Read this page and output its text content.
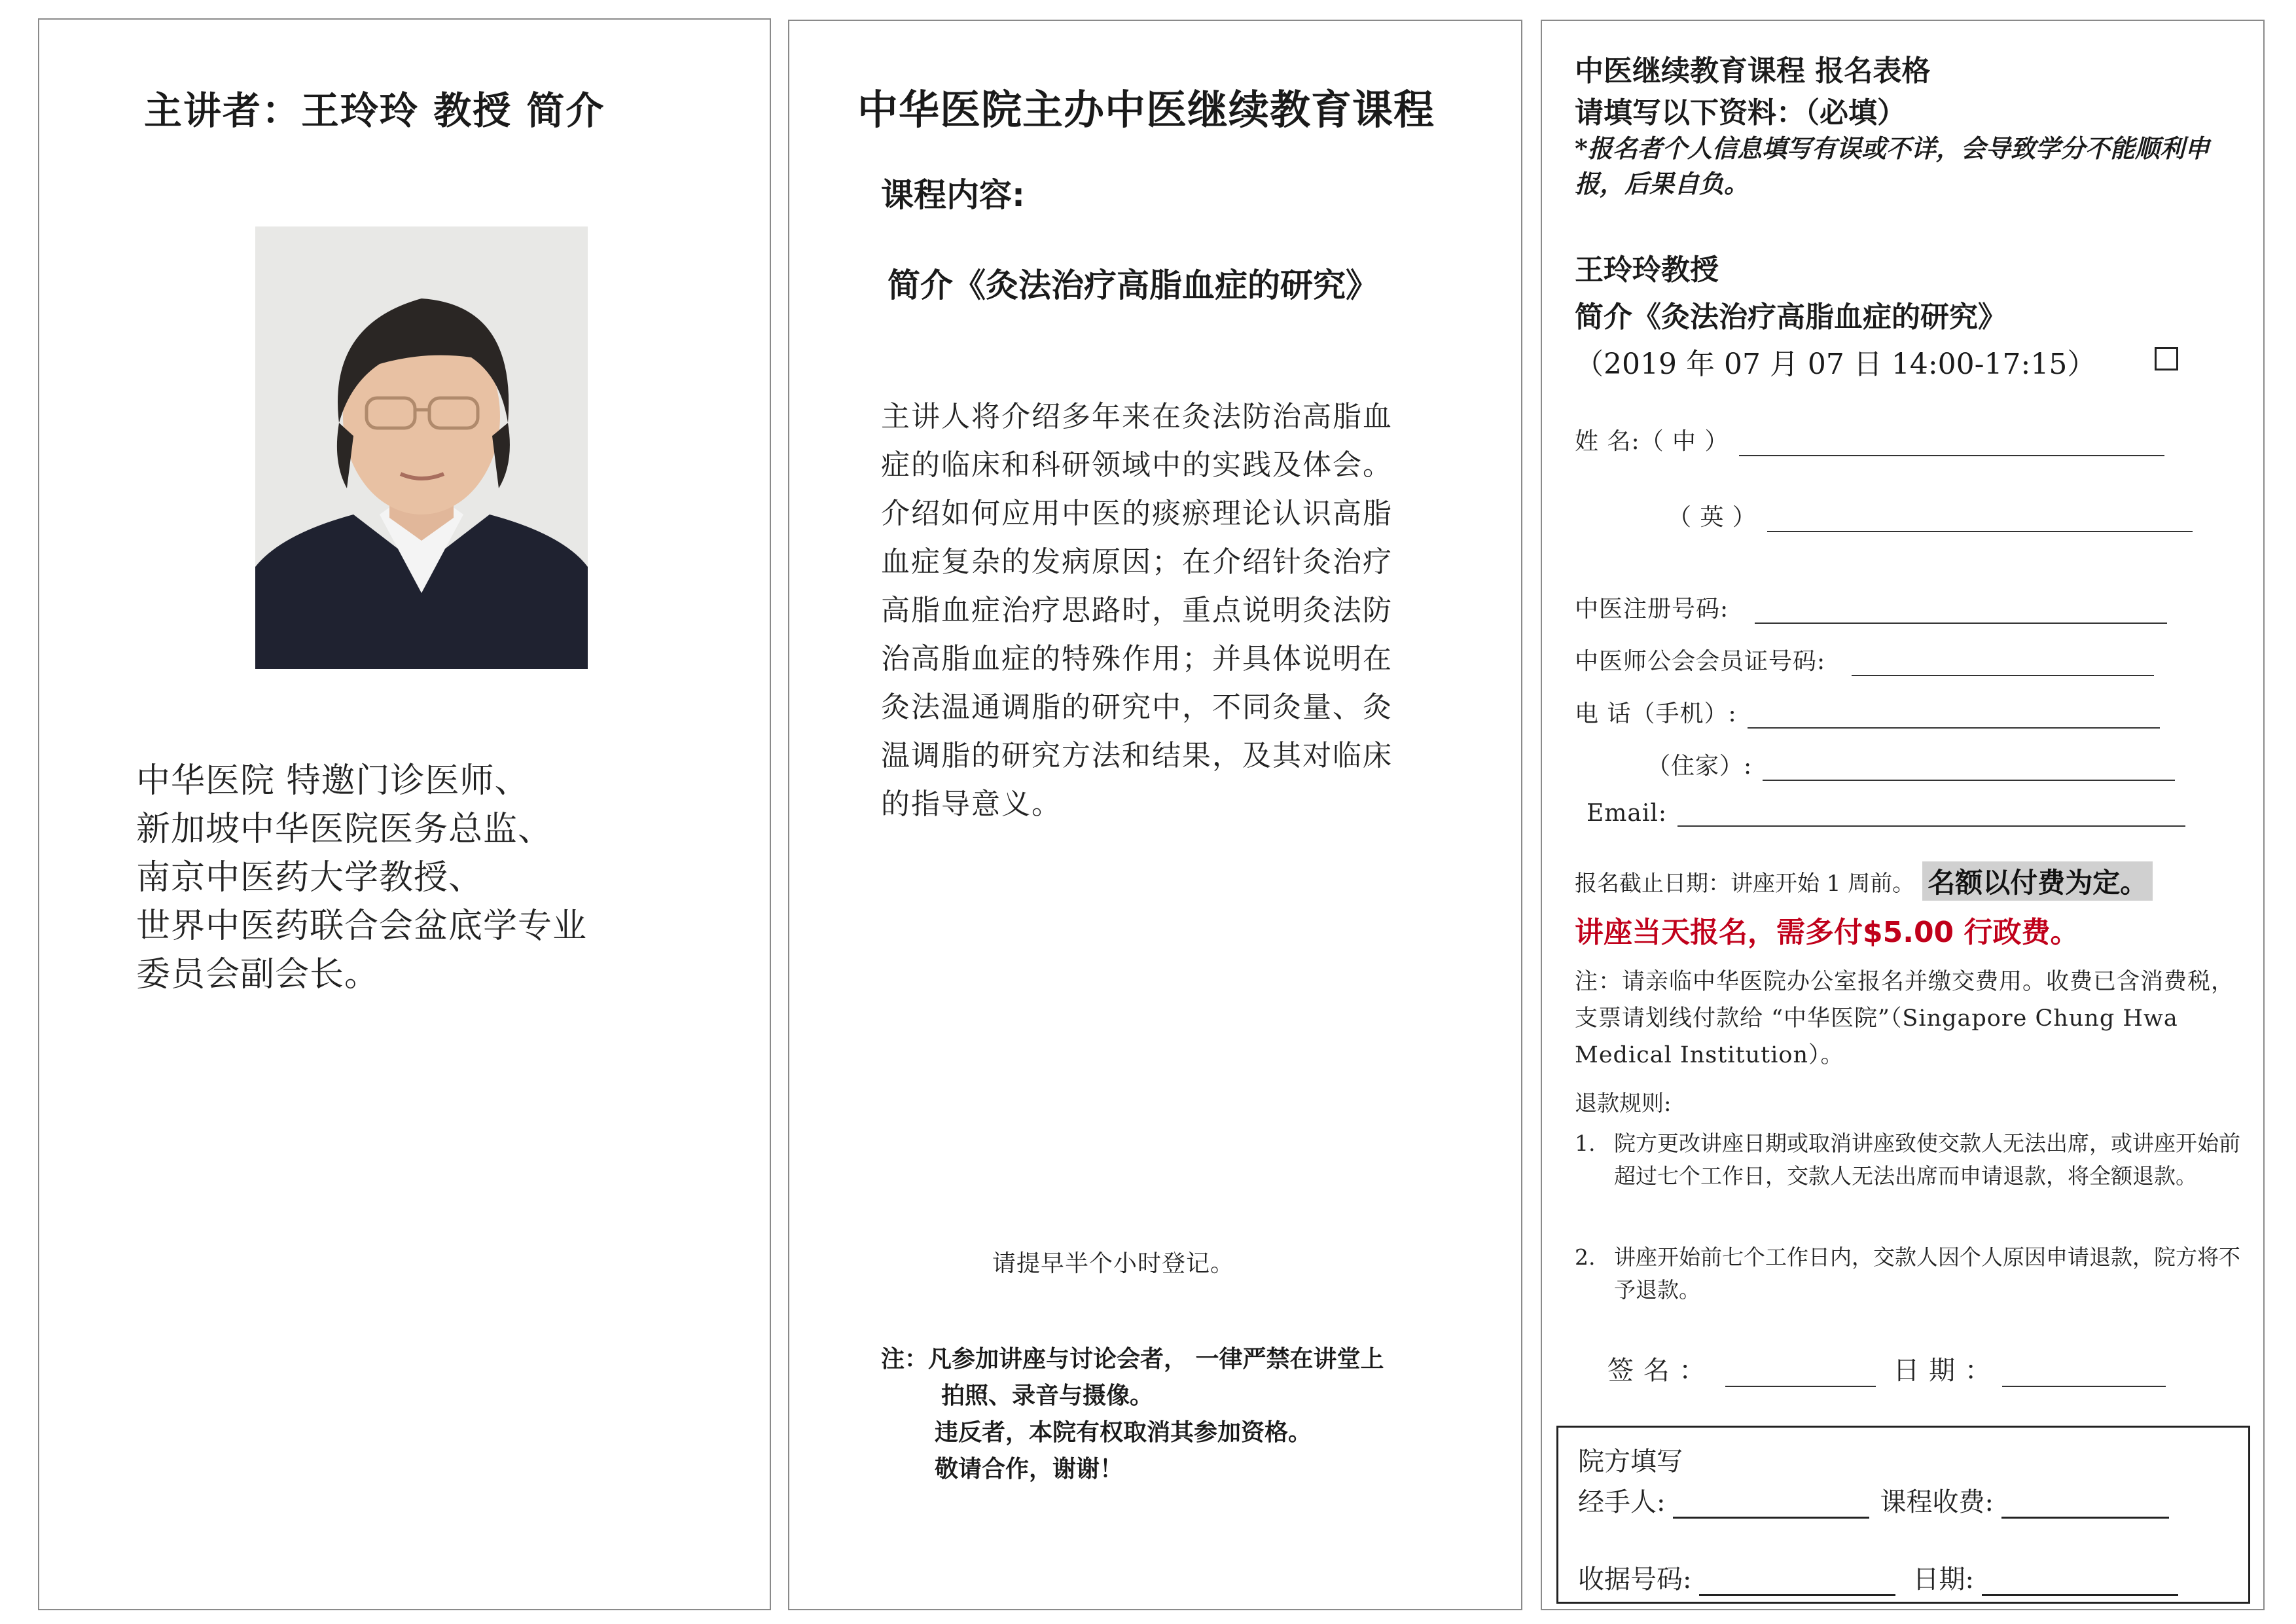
主讲者：王玲玲 教授 简介
中华医院 特邀门诊医师、
新加坡中华医院医务总监、
南京中医药大学教授、
世界中医药联合会盆底学专业
委员会副会长。
中华医院主办中医继续教育课程
课程内容:
简介《灸法治疗高脂血症的研究》
主讲人将介绍多年来在灸法防治高脂血
症的临床和科研领域中的实践及体会。
介绍如何应用中医的痰瘀理论认识高脂
血症复杂的发病原因；在介绍针灸治疗
高脂血症治疗思路时，重点说明灸法防
治高脂血症的特殊作用；并具体说明在
灸法温通调脂的研究中，不同灸量、灸
温调脂的研究方法和结果，及其对临床
的指导意义。
请提早半个小时登记。
注：凡参加讲座与讨论会者， 一律严禁在讲堂上
拍照、录音与摄像。
违反者，本院有权取消其参加资格。
敬请合作，谢谢！
中医继续教育课程 报名表格
请填写以下资料：（必填）
*报名者个人信息填写有误或不详，会导致学分不能顺利申报，后果自负。
王玲玲教授
简介《灸法治疗高脂血症的研究》
（2019 年 07 月 07 日 14:00-17:15）
姓 名:（ 中 ）
（ 英 ）
中医注册号码:
中医师公会会员证号码:
电 话（手机）:
（住家）:
Email:
报名截止日期：讲座开始 1 周前。 名额以付费为定。
讲座当天报名，需多付$5.00 行政费。
注：请亲临中华医院办公室报名并缴交费用。收费已含消费税，支票请划线付款给 “中华医院”（Singapore Chung Hwa Medical Institution）。
退款规则:
1. 院方更改讲座日期或取消讲座致使交款人无法出席，或讲座开始前超过七个工作日，交款人无法出席而申请退款，将全额退款。
2. 讲座开始前七个工作日内，交款人因个人原因申请退款，院方将不予退款。
签 名 ：	日 期 ：
院方填写
经手人:	课程收费:
收据号码:	日期:
